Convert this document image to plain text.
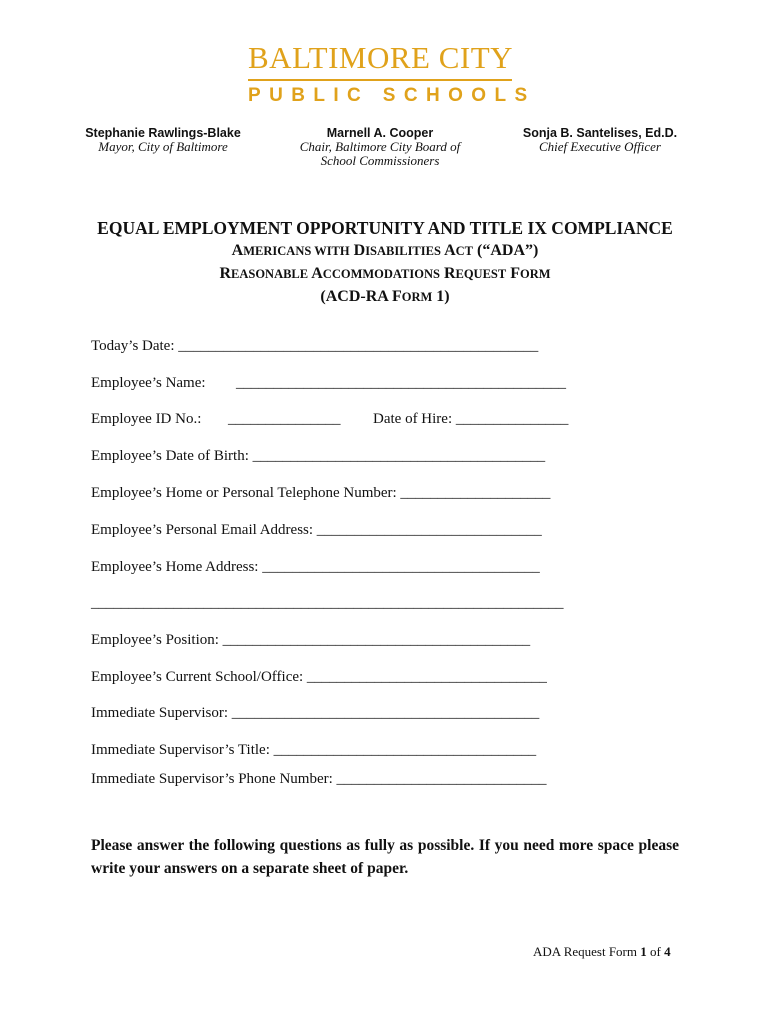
BALTIMORE CITY
PUBLIC SCHOOLS
Stephanie Rawlings-Blake
Mayor, City of Baltimore
Marnell A. Cooper
Chair, Baltimore City Board of
School Commissioners
Sonja B. Santelises, Ed.D.
Chief Executive Officer
EQUAL EMPLOYMENT OPPORTUNITY AND TITLE IX COMPLIANCE
AMERICANS WITH DISABILITIES ACT (“ADA”)
REASONABLE ACCOMMODATIONS REQUEST FORM
(ACD-RA FORM 1)
Today’s Date: ________________________________________________
Employee’s Name: ____________________________________________
Employee ID No.: _______________ Date of Hire: _______________
Employee’s Date of Birth: _______________________________________
Employee’s Home or Personal Telephone Number: ____________________
Employee’s Personal Email Address: ______________________________
Employee’s Home Address: _____________________________________
_______________________________________________________________
Employee’s Position: _________________________________________
Employee’s Current School/Office: ________________________________
Immediate Supervisor: _________________________________________
Immediate Supervisor’s Title: ___________________________________
Immediate Supervisor’s Phone Number: ____________________________
Please answer the following questions as fully as possible. If you need more space please write your answers on a separate sheet of paper.
ADA Request Form 1 of 4
